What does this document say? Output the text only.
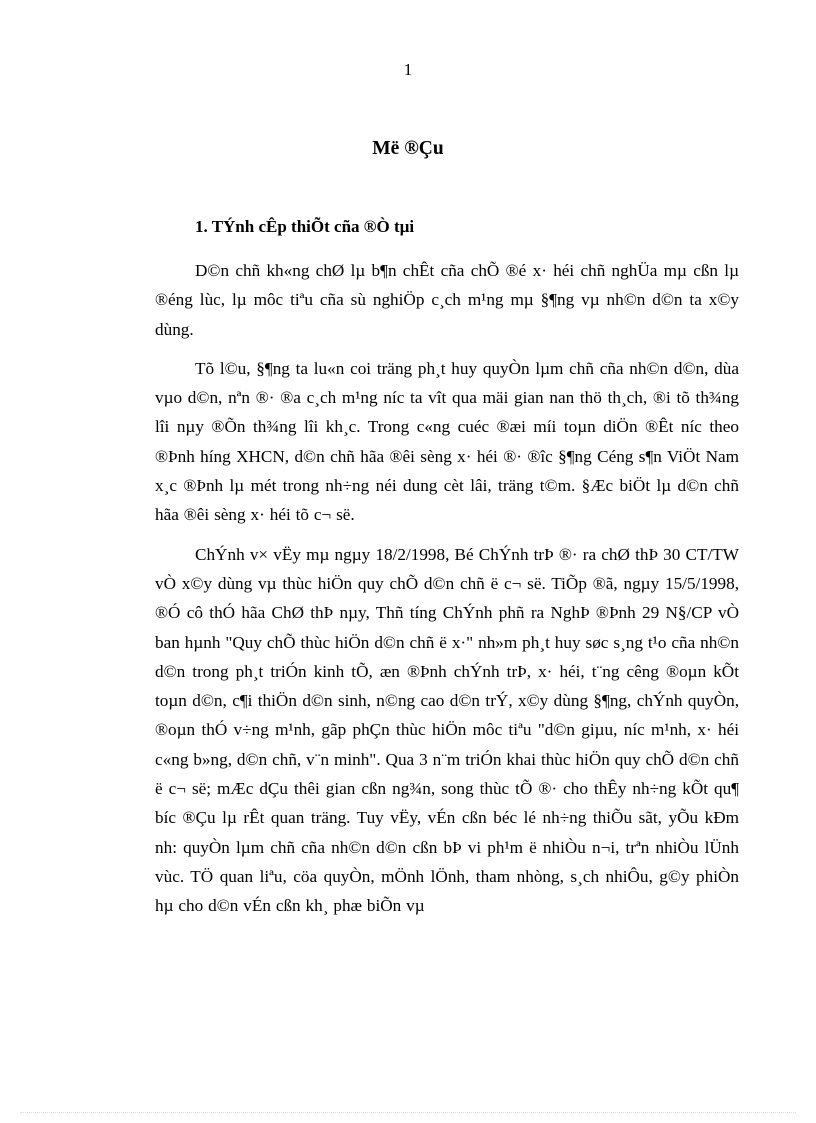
1
Më ®Çu
1. TÝnh cÊp thiÕt cña ®Ò tµi

D©n chñ kh«ng chØ lµ b¶n chÊt cña chÕ ®é x· héi chñ nghÜa mµ cßn lµ ®éng lùc, lµ môc tiªu cña sù nghiÖp c¸ch m¹ng mµ §¶ng vµ nh©n d©n ta x©y dùng.

Tõ l©u, §¶ng ta lu«n coi träng ph¸t huy quyÒn lµm chñ cña nh©n d©n, dùa vµo d©n, nªn ®· ®a c¸ch m¹ng níc ta vît qua mäi gian nan thö th¸ch, ®i tõ th¾ng lîi nµy ®Õn th¾ng lîi kh¸c. Trong c«ng cuéc ®æi míi toµn diÖn ®Êt níc theo ®Þnh híng XHCN, d©n chñ hãa ®êi sèng x· héi ®· ®îc §¶ng Céng s¶n ViÖt Nam x¸c ®Þnh lµ mét trong nh÷ng néi dung cèt lâi, träng t©m. §Æc biÖt lµ d©n chñ hãa ®êi sèng x· héi tõ c¬ së.

ChÝnh v× vËy mµ ngµy 18/2/1998, Bé ChÝnh trÞ ®· ra chØ thÞ 30 CT/TW vÒ x©y dùng vµ thùc hiÖn quy chÕ d©n chñ ë c¬ së. TiÕp ®ã, ngµy 15/5/1998, ®Ó cô thÓ hãa ChØ thÞ nµy, Thñ tíng ChÝnh phñ ra NghÞ ®Þnh 29 N§/CP vÒ ban hµnh "Quy chÕ thùc hiÖn d©n chñ ë x·" nh»m ph¸t huy søc s¸ng t¹o cña nh©n d©n trong ph¸t triÓn kinh tÕ, æn ®Þnh chÝnh trÞ, x· héi, t¨ng cêng ®oµn kÕt toµn d©n, c¶i thiÖn d©n sinh, n©ng cao d©n trÝ, x©y dùng §¶ng, chÝnh quyÒn, ®oµn thÓ v÷ng m¹nh, gãp phÇn thùc hiÖn môc tiªu "d©n giµu, níc m¹nh, x· héi c«ng b»ng, d©n chñ, v¨n minh". Qua 3 n¨m triÓn khai thùc hiÖn quy chÕ d©n chñ ë c¬ së; mÆc dÇu thêi gian cßn ng¾n, song thùc tÕ ®· cho thÊy nh÷ng kÕt qu¶ bíc ®Çu lµ rÊt quan träng. Tuy vËy, vÉn cßn béc lé nh÷ng thiÕu sãt, yÕu kÐm nh: quyÒn lµm chñ cña nh©n d©n cßn bÞ vi ph¹m ë nhiÒu n¬i, trªn nhiÒu lÜnh vùc. TÖ quan liªu, cöa quyÒn, mÖnh lÖnh, tham nhòng, s¸ch nhiÔu, g©y phiÒn hµ cho d©n vÉn cßn kh¸ phæ biÕn vµ
